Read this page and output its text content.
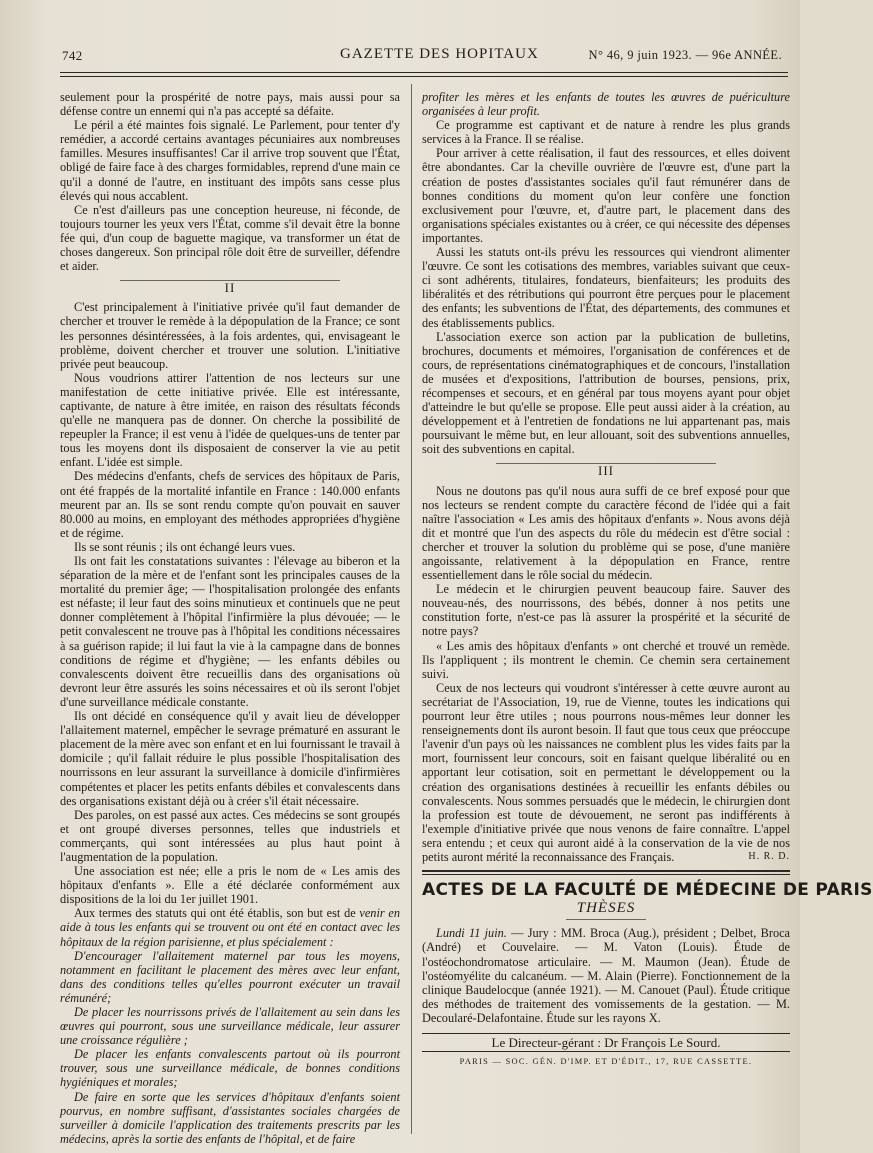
742	GAZETTE DES HOPITAUX	N° 46, 9 juin 1923. — 96e ANNÉE.

seulement pour la prospérité de notre pays, mais aussi pour sa défense contre un ennemi qui n'a pas accepté sa défaite.

Le péril a été maintes fois signalé. Le Parlement, pour tenter d'y remédier, a accordé certains avantages pécuniaires aux nombreuses familles. Mesures insuffisantes! Car il arrive trop souvent que l'État, obligé de faire face à des charges formidables, reprend d'une main ce qu'il a donné de l'autre, en instituant des impôts sans cesse plus élevés qui nous accablent.

Ce n'est d'ailleurs pas une conception heureuse, ni féconde, de toujours tourner les yeux vers l'État, comme s'il devait être la bonne fée qui, d'un coup de baguette magique, va transformer un état de choses dangereux. Son principal rôle doit être de surveiller, défendre et aider.

II

C'est principalement à l'initiative privée qu'il faut demander de chercher et trouver le remède à la dépopulation de la France; ce sont les personnes désintéressées, à la fois ardentes, qui, envisageant le problème, doivent chercher et trouver une solution. L'initiative privée peut beaucoup.

Nous voudrions attirer l'attention de nos lecteurs sur une manifestation de cette initiative privée. Elle est intéressante, captivante, de nature à être imitée, en raison des résultats féconds qu'elle ne manquera pas de donner. On cherche la possibilité de repeupler la France; il est venu à l'idée de quelques-uns de tenter par tous les moyens dont ils disposaient de conserver la vie au petit enfant. L'idée est simple.

Des médecins d'enfants, chefs de services des hôpitaux de Paris, ont été frappés de la mortalité infantile en France : 140.000 enfants meurent par an. Ils se sont rendu compte qu'on pouvait en sauver 80.000 au moins, en employant des méthodes appropriées d'hygiène et de régime.

Ils se sont réunis ; ils ont échangé leurs vues.

Ils ont fait les constatations suivantes : l'élevage au biberon et la séparation de la mère et de l'enfant sont les principales causes de la mortalité du premier âge; — l'hospitalisation prolongée des enfants est néfaste; il leur faut des soins minutieux et continuels que ne peut donner complètement à l'hôpital l'infirmière la plus dévouée; — le petit convalescent ne trouve pas à l'hôpital les conditions nécessaires à sa guérison rapide; il lui faut la vie à la campagne dans de bonnes conditions de régime et d'hygiène; — les enfants débiles ou convalescents doivent être recueillis dans des organisations où devront leur être assurés les soins nécessaires et où ils seront l'objet d'une surveillance médicale constante.

Ils ont décidé en conséquence qu'il y avait lieu de développer l'allaitement maternel, empêcher le sevrage prématuré en assurant le placement de la mère avec son enfant et en lui fournissant le travail à domicile ; qu'il fallait réduire le plus possible l'hospitalisation des nourrissons en leur assurant la surveillance à domicile d'infirmières compétentes et placer les petits enfants débiles et convalescents dans des organisations existant déjà ou à créer s'il était nécessaire.

Des paroles, on est passé aux actes. Ces médecins se sont groupés et ont groupé diverses personnes, telles que industriels et commerçants, qui sont intéressées au plus haut point à l'augmentation de la population.

Une association est née; elle a pris le nom de « Les amis des hôpitaux d'enfants ». Elle a été déclarée conformément aux dispositions de la loi du 1er juillet 1901.

Aux termes des statuts qui ont été établis, son but est de venir en aide à tous les enfants qui se trouvent ou ont été en contact avec les hôpitaux de la région parisienne, et plus spécialement :

D'encourager l'allaitement maternel par tous les moyens, notamment en facilitant le placement des mères avec leur enfant, dans des conditions telles qu'elles pourront exécuter un travail rémunéré;

De placer les nourrissons privés de l'allaitement au sein dans les œuvres qui pourront, sous une surveillance médicale, leur assurer une croissance régulière ;

De placer les enfants convalescents partout où ils pourront trouver, sous une surveillance médicale, de bonnes conditions hygiéniques et morales;

De faire en sorte que les services d'hôpitaux d'enfants soient pourvus, en nombre suffisant, d'assistantes sociales chargées de surveiller à domicile l'application des traitements prescrits par les médecins, après la sortie des enfants de l'hôpital, et de faire

profiter les mères et les enfants de toutes les œuvres de puériculture organisées à leur profit.

Ce programme est captivant et de nature à rendre les plus grands services à la France. Il se réalise.

Pour arriver à cette réalisation, il faut des ressources, et elles doivent être abondantes. Car la cheville ouvrière de l'œuvre est, d'une part la création de postes d'assistantes sociales qu'il faut rémunérer dans de bonnes conditions du moment qu'on leur confère une fonction exclusivement pour l'œuvre, et, d'autre part, le placement dans des organisations spéciales existantes ou à créer, ce qui nécessite des dépenses importantes.

Aussi les statuts ont-ils prévu les ressources qui viendront alimenter l'œuvre. Ce sont les cotisations des membres, variables suivant que ceux-ci sont adhérents, titulaires, fondateurs, bienfaiteurs; les produits des libéralités et des rétributions qui pourront être perçues pour le placement des enfants; les subventions de l'État, des départements, des communes et des établissements publics.

L'association exerce son action par la publication de bulletins, brochures, documents et mémoires, l'organisation de conférences et de cours, de représentations cinématographiques et de concours, l'installation de musées et d'expositions, l'attribution de bourses, pensions, prix, récompenses et secours, et en général par tous moyens ayant pour objet d'atteindre le but qu'elle se propose. Elle peut aussi aider à la création, au développement et à l'entretien de fondations ne lui appartenant pas, mais poursuivant le même but, en leur allouant, soit des subventions annuelles, soit des subventions en capital.

III

Nous ne doutons pas qu'il nous aura suffi de ce bref exposé pour que nos lecteurs se rendent compte du caractère fécond de l'idée qui a fait naître l'association « Les amis des hôpitaux d'enfants ». Nous avons déjà dit et montré que l'un des aspects du rôle du médecin est d'être social : chercher et trouver la solution du problème qui se pose, d'une manière angoissante, relativement à la dépopulation en France, rentre essentiellement dans le rôle social du médecin.

Le médecin et le chirurgien peuvent beaucoup faire. Sauver des nouveau-nés, des nourrissons, des bébés, donner à nos petits une constitution forte, n'est-ce pas là assurer la prospérité et la sécurité de notre pays?

« Les amis des hôpitaux d'enfants » ont cherché et trouvé un remède. Ils l'appliquent ; ils montrent le chemin. Ce chemin sera certainement suivi.

Ceux de nos lecteurs qui voudront s'intéresser à cette œuvre auront au secrétariat de l'Association, 19, rue de Vienne, toutes les indications qui pourront leur être utiles ; nous pourrons nous-mêmes leur donner les renseignements dont ils auront besoin. Il faut que tous ceux que préoccupe l'avenir d'un pays où les naissances ne comblent plus les vides faits par la mort, fournissent leur concours, soit en faisant quelque libéralité ou en apportant leur cotisation, soit en permettant le développement ou la création des organisations destinées à recueillir les enfants débiles ou convalescents. Nous sommes persuadés que le médecin, le chirurgien dont la profession est toute de dévouement, ne seront pas indifférents à l'exemple d'initiative privée que nous venons de faire connaître. L'appel sera entendu ; et ceux qui auront aidé à la conservation de la vie de nos petits auront mérité la reconnaissance des Français.	H. R. D.
ACTES DE LA FACULTÉ DE MÉDECINE DE PARIS
THÈSES

Lundi 11 juin. — Jury : MM. Broca (Aug.), président ; Delbet, Broca (André) et Couvelaire. — M. Vaton (Louis). Étude de l'ostéochondromatose articulaire. — M. Maumon (Jean). Étude de l'ostéomyélite du calcanéum. — M. Alain (Pierre). Fonctionnement de la clinique Baudelocque (année 1921). — M. Canouet (Paul). Étude critique des méthodes de traitement des vomissements de la gestation. — M. Decoularé-Delafontaine. Étude sur les rayons X.

Le Directeur-gérant : Dr François Le Sourd.
PARIS — SOC. GÉN. D'IMP. ET D'ÉDIT., 17, RUE CASSETTE.
